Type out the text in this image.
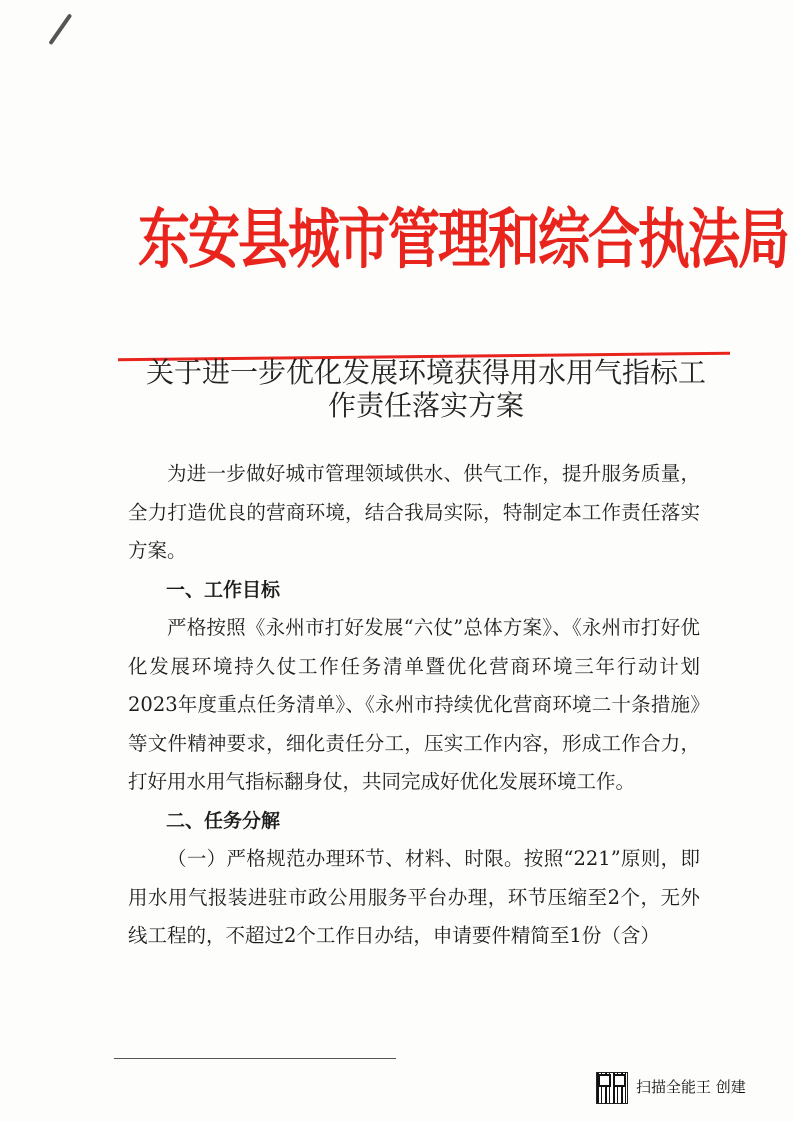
东安县城市管理和综合执法局
关于进一步优化发展环境获得用水用气指标工
作责任落实方案

为进一步做好城市管理领域供水、供气工作，提升服务质量，全力打造优良的营商环境，结合我局实际，特制定本工作责任落实方案。

一、工作目标

严格按照《永州市打好发展“六仗”总体方案》、《永州市打好优化发展环境持久仗工作任务清单暨优化营商环境三年行动计划2023年度重点任务清单》、《永州市持续优化营商环境二十条措施》等文件精神要求，细化责任分工，压实工作内容，形成工作合力，打好用水用气指标翻身仗，共同完成好优化发展环境工作。

二、任务分解

（一）严格规范办理环节、材料、时限。按照“221”原则，即用水用气报装进驻市政公用服务平台办理，环节压缩至2个，无外线工程的，不超过2个工作日办结，申请要件精简至1份（含）

扫描全能王 创建
